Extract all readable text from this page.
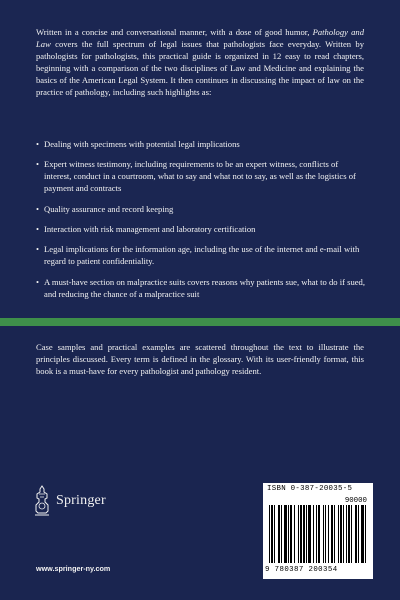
Written in a concise and conversational manner, with a dose of good humor, Pathology and Law covers the full spectrum of legal issues that pathologists face everyday. Written by pathologists for pathologists, this practical guide is organized in 12 easy to read chapters, beginning with a comparison of the two disciplines of Law and Medicine and explaining the basics of the American Legal System. It then continues in discussing the impact of law on the practice of pathology, including such highlights as:

• Dealing with specimens with potential legal implications
• Expert witness testimony, including requirements to be an expert witness, conflicts of interest, conduct in a courtroom, what to say and what not to say, as well as the logistics of payment and contracts
• Quality assurance and record keeping
• Interaction with risk management and laboratory certification
• Legal implications for the information age, including the use of the internet and e-mail with regard to patient confidentiality.
• A must-have section on malpractice suits covers reasons why patients sue, what to do if sued, and reducing the chance of a malpractice suit

Case samples and practical examples are scattered throughout the text to illustrate the principles discussed. Every term is defined in the glossary. With its user-friendly format, this book is a must-have for every pathologist and pathology resident.

Springer
www.springer-ny.com
ISBN 0-387-20035-5
90000
9 780387 200354
